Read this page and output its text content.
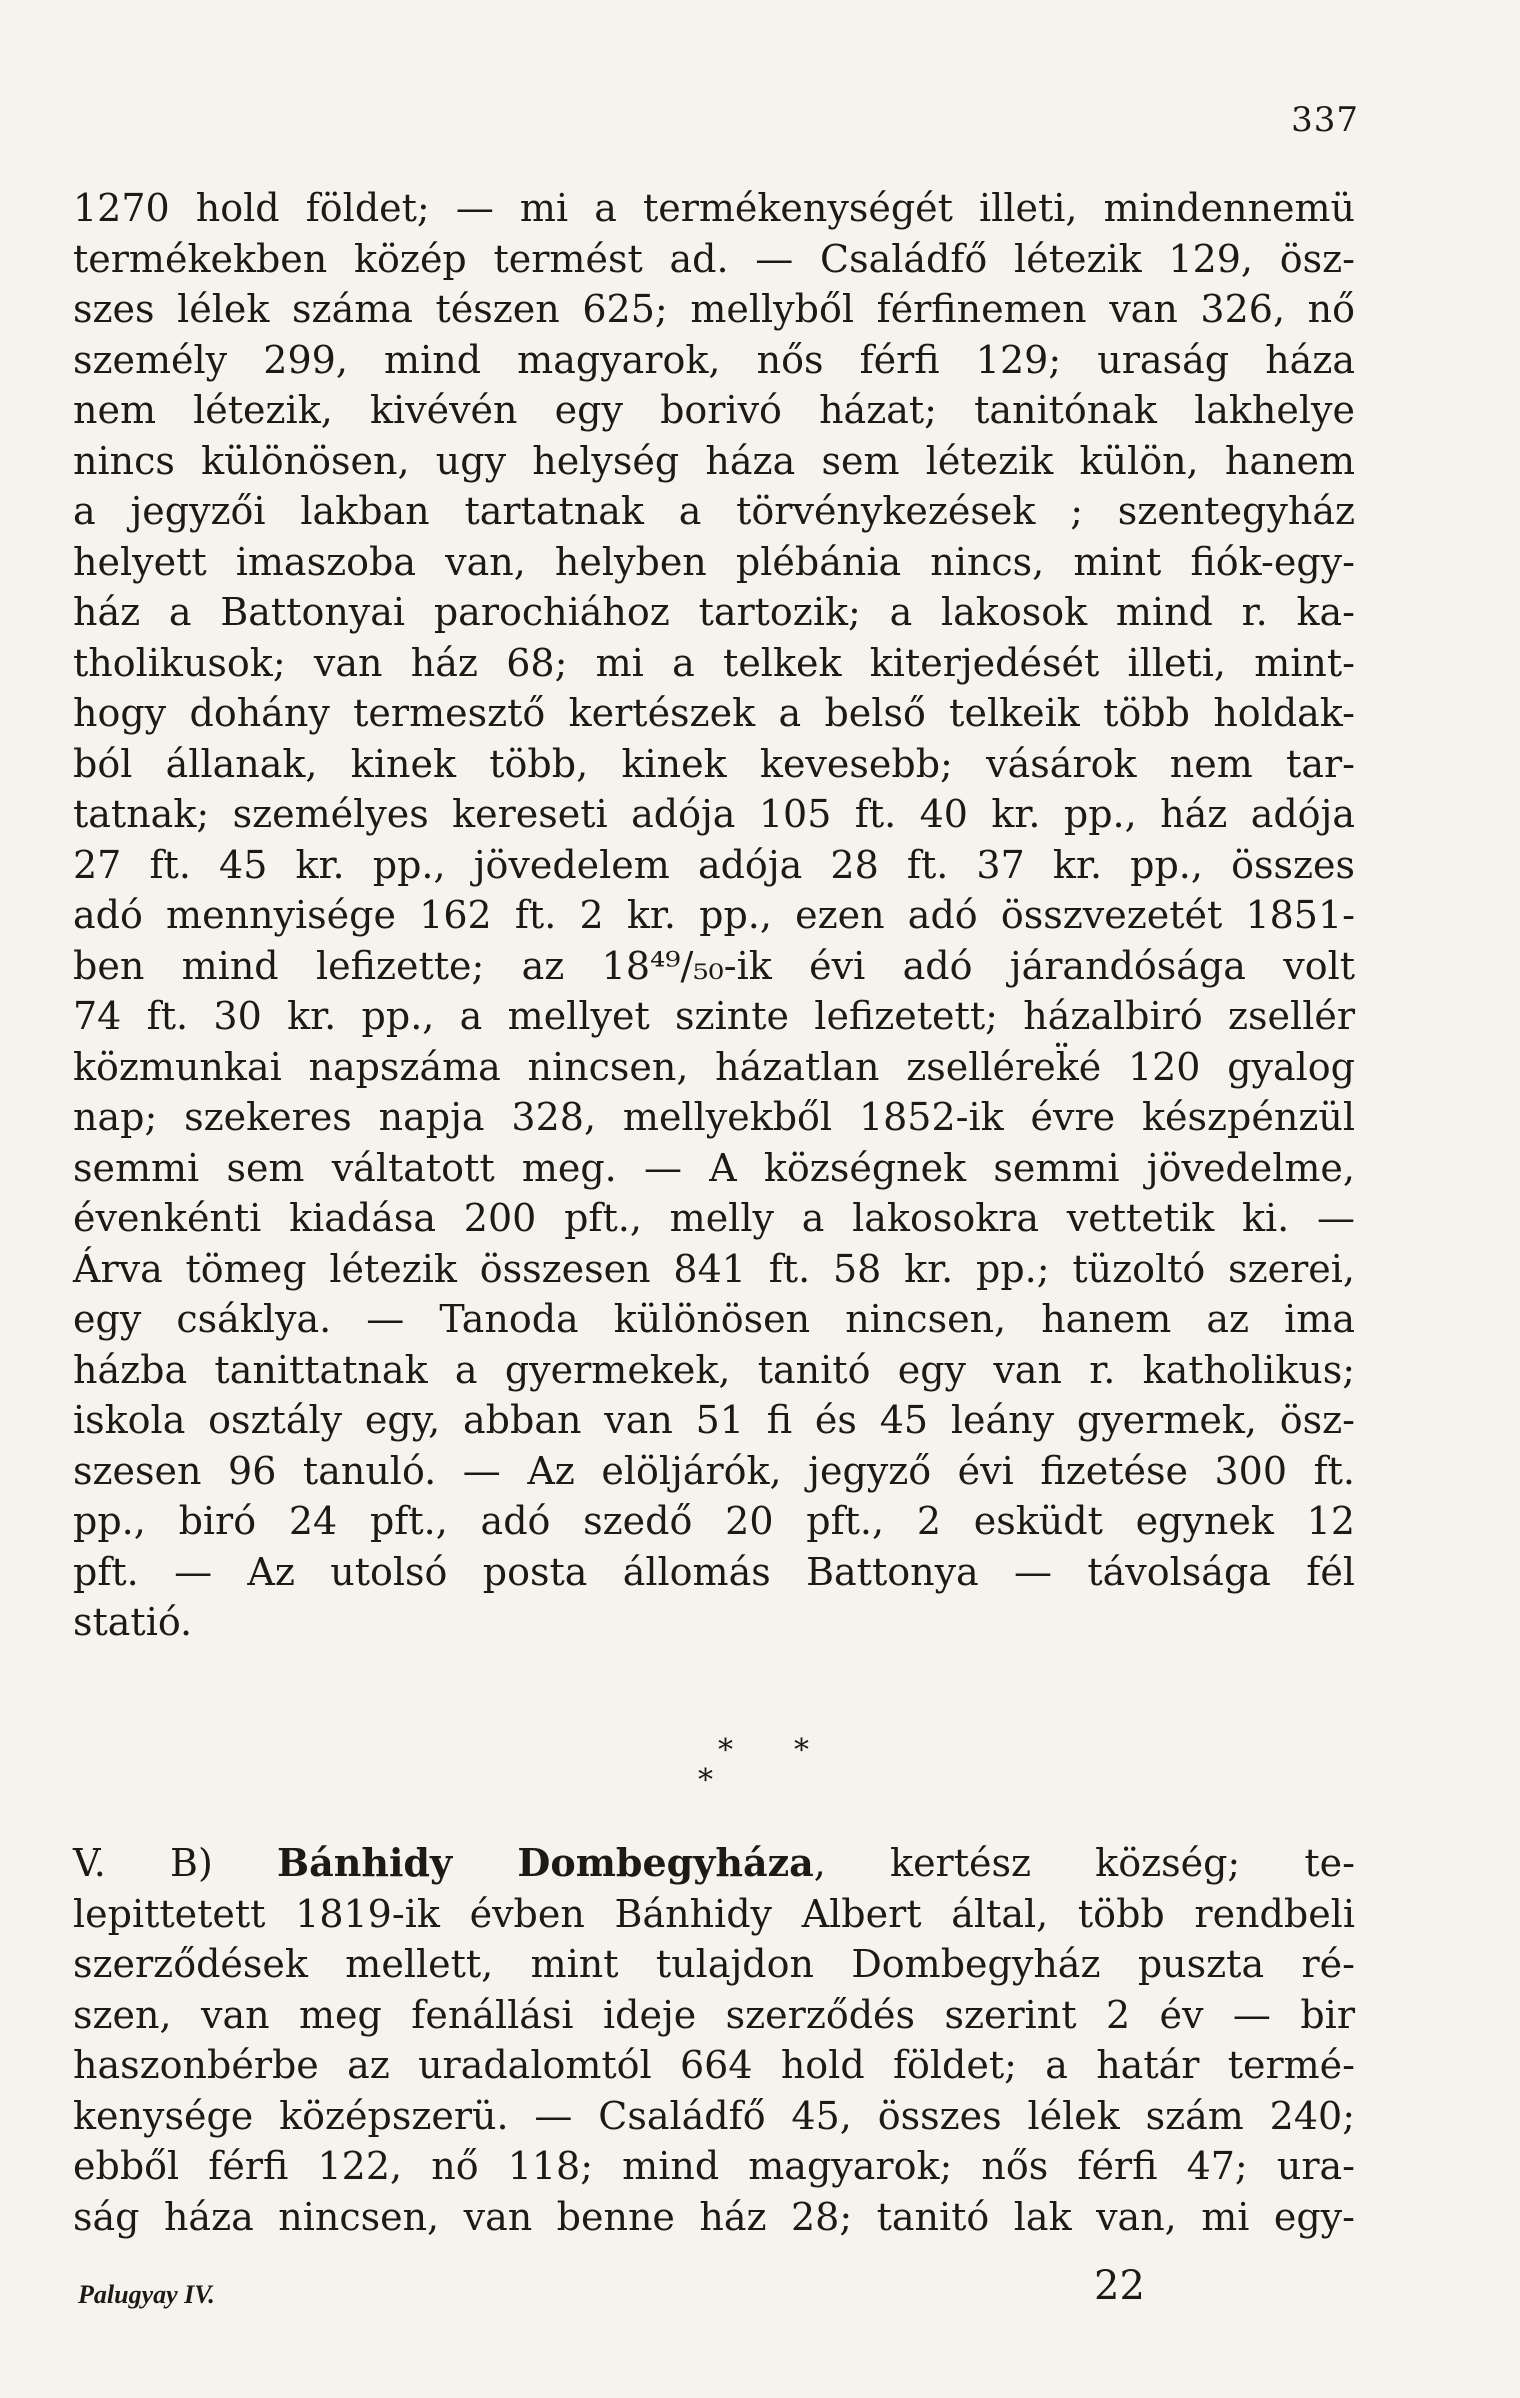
337
1270 hold földet; — mi a termékenységét illeti, mindennemü
termékekben közép termést ad. — Családfő létezik 129, ösz-
szes lélek száma tészen 625; mellyből férfinemen van 326, nő
személy 299, mind magyarok, nős férfi 129; uraság háza
nem létezik, kivévén egy borivó házat; tanitónak lakhelye
nincs különösen, ugy helység háza sem létezik külön, hanem
a jegyzői lakban tartatnak a törvénykezések ; szentegyház
helyett imaszoba van, helyben plébánia nincs, mint fiók-egy-
ház a Battonyai parochiához tartozik; a lakosok mind r. ka-
tholikusok; van ház 68; mi a telkek kiterjedését illeti, mint-
hogy dohány termesztő kertészek a belső telkeik több holdak-
ból állanak, kinek több, kinek kevesebb; vásárok nem tar-
tatnak; személyes kereseti adója 105 ft. 40 kr. pp., ház adója
27 ft. 45 kr. pp., jövedelem adója 28 ft. 37 kr. pp., összes
adó mennyisége 162 ft. 2 kr. pp., ezen adó összvezetét 1851-
ben mind lefizette; az 18⁴⁹/₅₀-ik évi adó járandósága volt
74 ft. 30 kr. pp., a mellyet szinte lefizetett; házalbiró zsellér
közmunkai napszáma nincsen, házatlan zsellérek̈é 120 gyalog
nap; szekeres napja 328, mellyekből 1852-ik évre készpénzül
semmi sem váltatott meg. — A községnek semmi jövedelme,
évenkénti kiadása 200 pft., melly a lakosokra vettetik ki. —
Árva tömeg létezik összesen 841 ft. 58 kr. pp.; tüzoltó szerei,
egy csáklya. — Tanoda különösen nincsen, hanem az ima
házba tanittatnak a gyermekek, tanitó egy van r. katholikus;
iskola osztály egy, abban van 51 fi és 45 leány gyermek, ösz-
szesen 96 tanuló. — Az elöljárók, jegyző évi fizetése 300 ft.
pp., biró 24 pft., adó szedő 20 pft., 2 esküdt egynek 12
pft. — Az utolsó posta állomás Battonya — távolsága fél
statió.
* *
*
V. B) Bánhidy Dombegyháza, kertész község; te-
lepittetett 1819-ik évben Bánhidy Albert által, több rendbeli
szerződések mellett, mint tulajdon Dombegyház puszta ré-
szen, van meg fenállási ideje szerződés szerint 2 év — bir
haszonbérbe az uradalomtól 664 hold földet; a határ termé-
kenysége középszerü. — Családfő 45, összes lélek szám 240;
ebből férfi 122, nő 118; mind magyarok; nős férfi 47; ura-
ság háza nincsen, van benne ház 28; tanitó lak van, mi egy-
Palugyay IV.	22
